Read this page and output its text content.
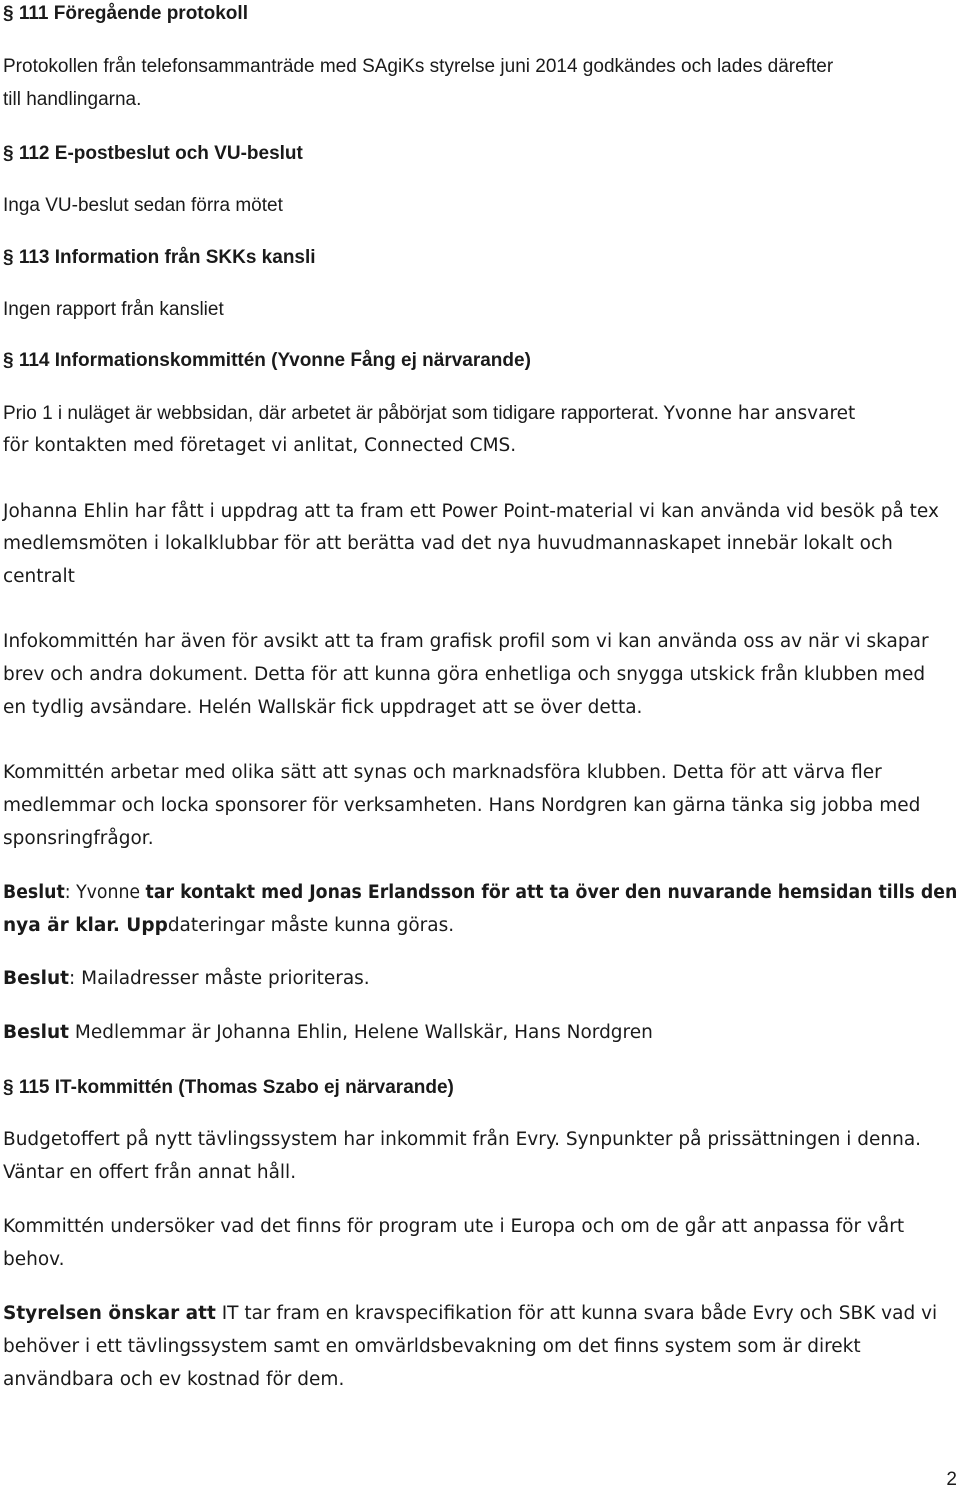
§ 111 Föregående protokoll
Protokollen från telefonsammanträde med SAgiKs styrelse juni 2014 godkändes och lades därefter
till handlingarna.
§ 112 E-postbeslut och VU-beslut
Inga VU-beslut sedan förra mötet
§ 113 Information från SKKs kansli
Ingen rapport från kansliet
§ 114 Informationskommittén (Yvonne Fång ej närvarande)
Prio 1 i nuläget är webbsidan, där arbetet är påbörjat som tidigare rapporterat. Yvonne har ansvaret
för kontakten med företaget vi anlitat, Connected CMS.
Johanna Ehlin har fått i uppdrag att ta fram ett Power Point-material vi kan använda vid besök på tex
medlemsmöten i lokalklubbar för att berätta vad det nya huvudmannaskapet innebär lokalt och
centralt
Infokommittén har även för avsikt att ta fram grafisk profil som vi kan använda oss av när vi skapar
brev och andra dokument. Detta för att kunna göra enhetliga och snygga utskick från klubben med
en tydlig avsändare. Helén Wallskär fick uppdraget att se över detta.
Kommittén arbetar med olika sätt att synas och marknadsföra klubben. Detta för att värva fler
medlemmar och locka sponsorer för verksamheten. Hans Nordgren kan gärna tänka sig jobba med
sponsringfrågor.
Beslut: Yvonne tar kontakt med Jonas Erlandsson för att ta över den nuvarande hemsidan tills den
nya är klar. Uppdateringar måste kunna göras.
Beslut: Mailadresser måste prioriteras.
Beslut Medlemmar är Johanna Ehlin, Helene Wallskär, Hans Nordgren
§ 115 IT-kommittén (Thomas Szabo ej närvarande)
Budgetoffert på nytt tävlingssystem har inkommit från Evry. Synpunkter på prissättningen i denna.
Väntar en offert från annat håll.
Kommittén undersöker vad det finns för program ute i Europa och om de går att anpassa för vårt
behov.
Styrelsen önskar att IT tar fram en kravspecifikation för att kunna svara både Evry och SBK vad vi
behöver i ett tävlingssystem samt en omvärldsbevakning om det finns system som är direkt
användbara och ev kostnad för dem.
2
